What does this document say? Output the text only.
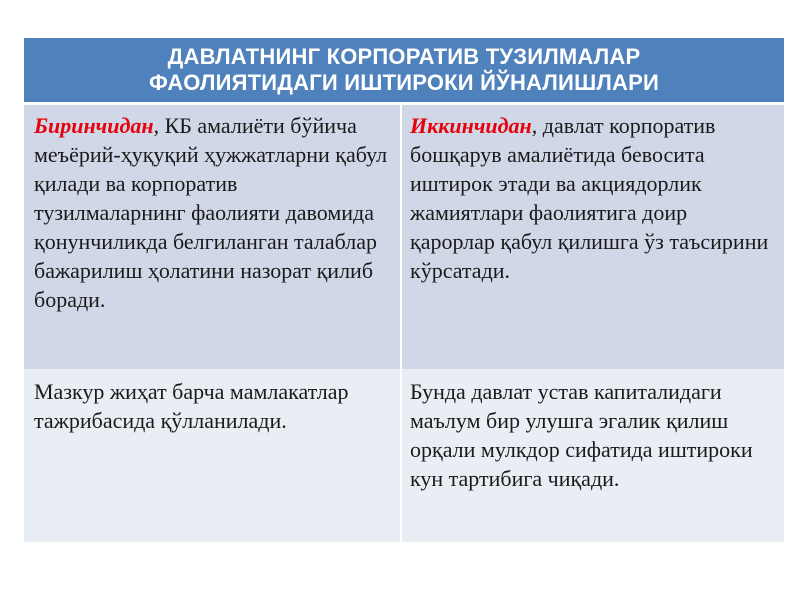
ДАВЛАТНИНГ КОРПОРАТИВ ТУЗИЛМАЛАР
ФАОЛИЯТИДАГИ ИШТИРОКИ ЙЎНАЛИШЛАРИ
Биринчидан, КБ амалиёти бўйича меъёрий-ҳуқуқий ҳужжатларни қабул қилади ва корпоратив тузилмаларнинг фаолияти давомида қонунчиликда белгиланган талаблар бажарилиш ҳолатини назорат қилиб боради.
Иккинчидан, давлат корпоратив бошқарув амалиётида бевосита иштирок этади ва акциядорлик жамиятлари фаолиятига доир қарорлар қабул қилишга ўз таъсирини кўрсатади.
Мазкур жиҳат барча мамлакатлар тажрибасида қўлланилади.
Бунда давлат устав капиталидаги маълум бир улушга эгалик қилиш орқали мулкдор сифатида иштироки кун тартибига чиқади.
